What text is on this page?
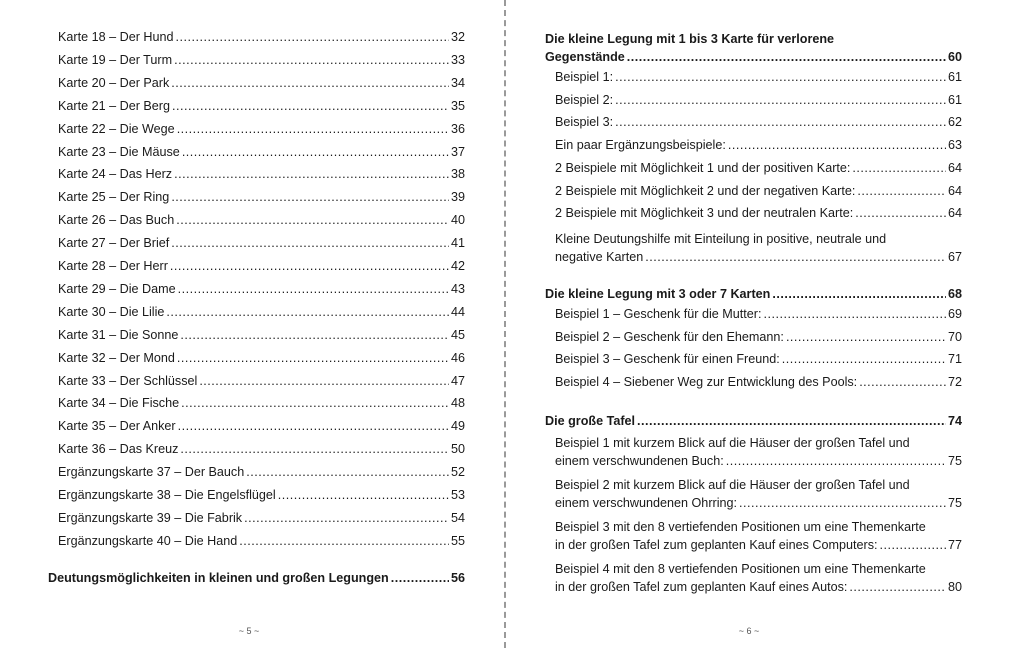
Karte 18 – Der Hund .....	32
Karte 19 – Der Turm .....	33
Karte 20 – Der Park .....	34
Karte 21 – Der Berg .....	35
Karte 22 – Die Wege .....	36
Karte 23 – Die Mäuse .....	37
Karte 24 – Das Herz .....	38
Karte 25 – Der Ring .....	39
Karte 26 – Das Buch .....	40
Karte 27 – Der Brief .....	41
Karte 28 – Der Herr .....	42
Karte 29 – Die Dame .....	43
Karte 30 – Die Lilie .....	44
Karte 31 – Die Sonne .....	45
Karte 32 – Der Mond .....	46
Karte 33 – Der Schlüssel .....	47
Karte 34 – Die Fische .....	48
Karte 35 – Der Anker .....	49
Karte 36 – Das Kreuz .....	50
Ergänzungskarte 37 – Der Bauch .....	52
Ergänzungskarte 38 – Die Engelsflügel .....	53
Ergänzungskarte 39 – Die Fabrik .....	54
Ergänzungskarte 40 – Die Hand .....	55
Deutungsmöglichkeiten in kleinen und großen Legungen .....	56
~ 5 ~
Die kleine Legung mit 1 bis 3 Karte für verlorene
Gegenstände .....	60
Beispiel 1: .....	61
Beispiel 2: .....	61
Beispiel 3: .....	62
Ein paar Ergänzungsbeispiele: .....	63
2 Beispiele mit Möglichkeit 1 und der positiven Karte: .....	64
2 Beispiele mit Möglichkeit 2 und der negativen Karte: .....	64
2 Beispiele mit Möglichkeit 3 und der neutralen Karte: .....	64
Kleine Deutungshilfe mit Einteilung in positive, neutrale und
negative Karten .....	67
Die kleine Legung mit 3 oder 7 Karten .....	68
Beispiel 1 – Geschenk für die Mutter: .....	69
Beispiel 2 – Geschenk für den Ehemann: .....	70
Beispiel 3 – Geschenk für einen Freund: .....	71
Beispiel 4 – Siebener Weg zur Entwicklung des Pools: .....	72
Die große Tafel .....	74
Beispiel 1 mit kurzem Blick auf die Häuser der großen Tafel und
einem verschwundenen Buch: .....	75
Beispiel 2 mit kurzem Blick auf die Häuser der großen Tafel und
einem verschwundenen Ohrring: .....	75
Beispiel 3 mit den 8 vertiefenden Positionen um eine Themenkarte
in der großen Tafel zum geplanten Kauf eines Computers: .....	77
Beispiel 4 mit den 8 vertiefenden Positionen um eine Themenkarte
in der großen Tafel zum geplanten Kauf eines Autos: .....	80
~ 6 ~
